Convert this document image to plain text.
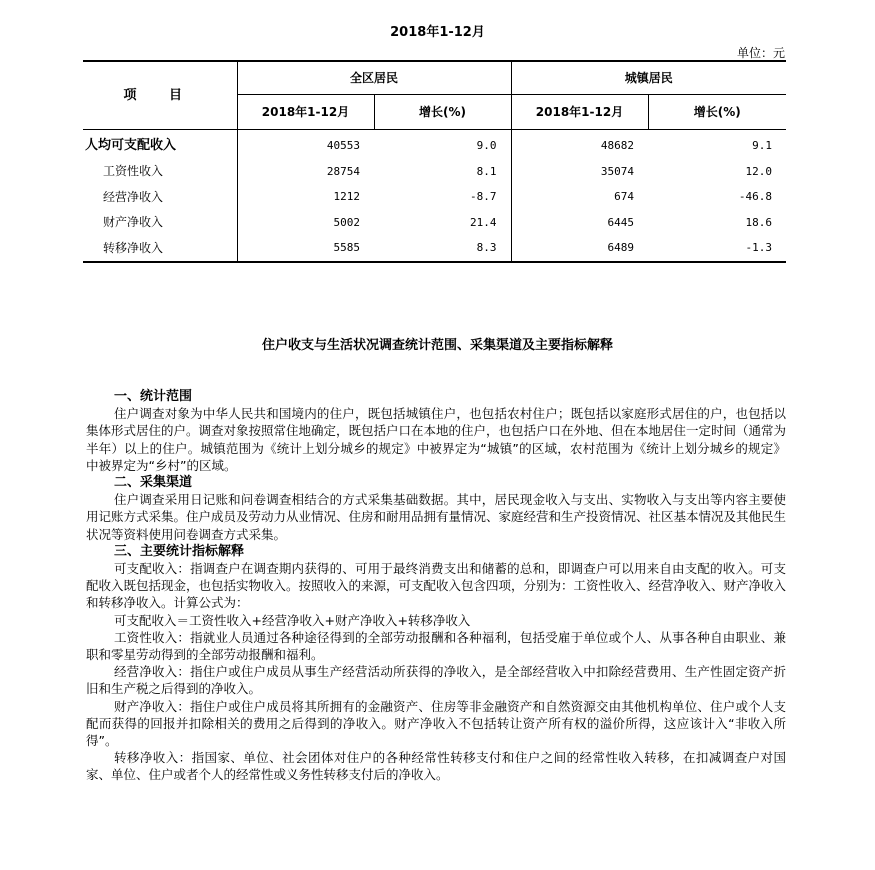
2018年1-12月
单位：元
项 目	全区居民		城镇居民	
	2018年1-12月	增长(%)	2018年1-12月	增长(%)
人均可支配收入	40553	9.0	48682	9.1
工资性收入	28754	8.1	35074	12.0
经营净收入	1212	-8.7	674	-46.8
财产净收入	5002	21.4	6445	18.6
转移净收入	5585	8.3	6489	-1.3
住户收支与生活状况调查统计范围、采集渠道及主要指标解释
一、统计范围

住户调查对象为中华人民共和国境内的住户，既包括城镇住户，也包括农村住户；既包括以家庭形式居住的户，也包括以集体形式居住的户。调查对象按照常住地确定，既包括户口在本地的住户，也包括户口在外地、但在本地居住一定时间（通常为半年）以上的住户。城镇范围为《统计上划分城乡的规定》中被界定为“城镇”的区域，农村范围为《统计上划分城乡的规定》中被界定为“乡村”的区域。

二、采集渠道

住户调查采用日记账和问卷调查相结合的方式采集基础数据。其中，居民现金收入与支出、实物收入与支出等内容主要使用记账方式采集。住户成员及劳动力从业情况、住房和耐用品拥有量情况、家庭经营和生产投资情况、社区基本情况及其他民生状况等资料使用问卷调查方式采集。

三、主要统计指标解释

可支配收入：指调查户在调查期内获得的、可用于最终消费支出和储蓄的总和，即调查户可以用来自由支配的收入。可支配收入既包括现金，也包括实物收入。按照收入的来源，可支配收入包含四项，分别为：工资性收入、经营净收入、财产净收入和转移净收入。计算公式为：

可支配收入＝工资性收入+经营净收入+财产净收入+转移净收入

工资性收入：指就业人员通过各种途径得到的全部劳动报酬和各种福利，包括受雇于单位或个人、从事各种自由职业、兼职和零星劳动得到的全部劳动报酬和福利。

经营净收入：指住户或住户成员从事生产经营活动所获得的净收入，是全部经营收入中扣除经营费用、生产性固定资产折旧和生产税之后得到的净收入。

财产净收入：指住户或住户成员将其所拥有的金融资产、住房等非金融资产和自然资源交由其他机构单位、住户或个人支配而获得的回报并扣除相关的费用之后得到的净收入。财产净收入不包括转让资产所有权的溢价所得，这应该计入“非收入所得”。

转移净收入：指国家、单位、社会团体对住户的各种经常性转移支付和住户之间的经常性收入转移，在扣减调查户对国家、单位、住户或者个人的经常性或义务性转移支付后的净收入。
